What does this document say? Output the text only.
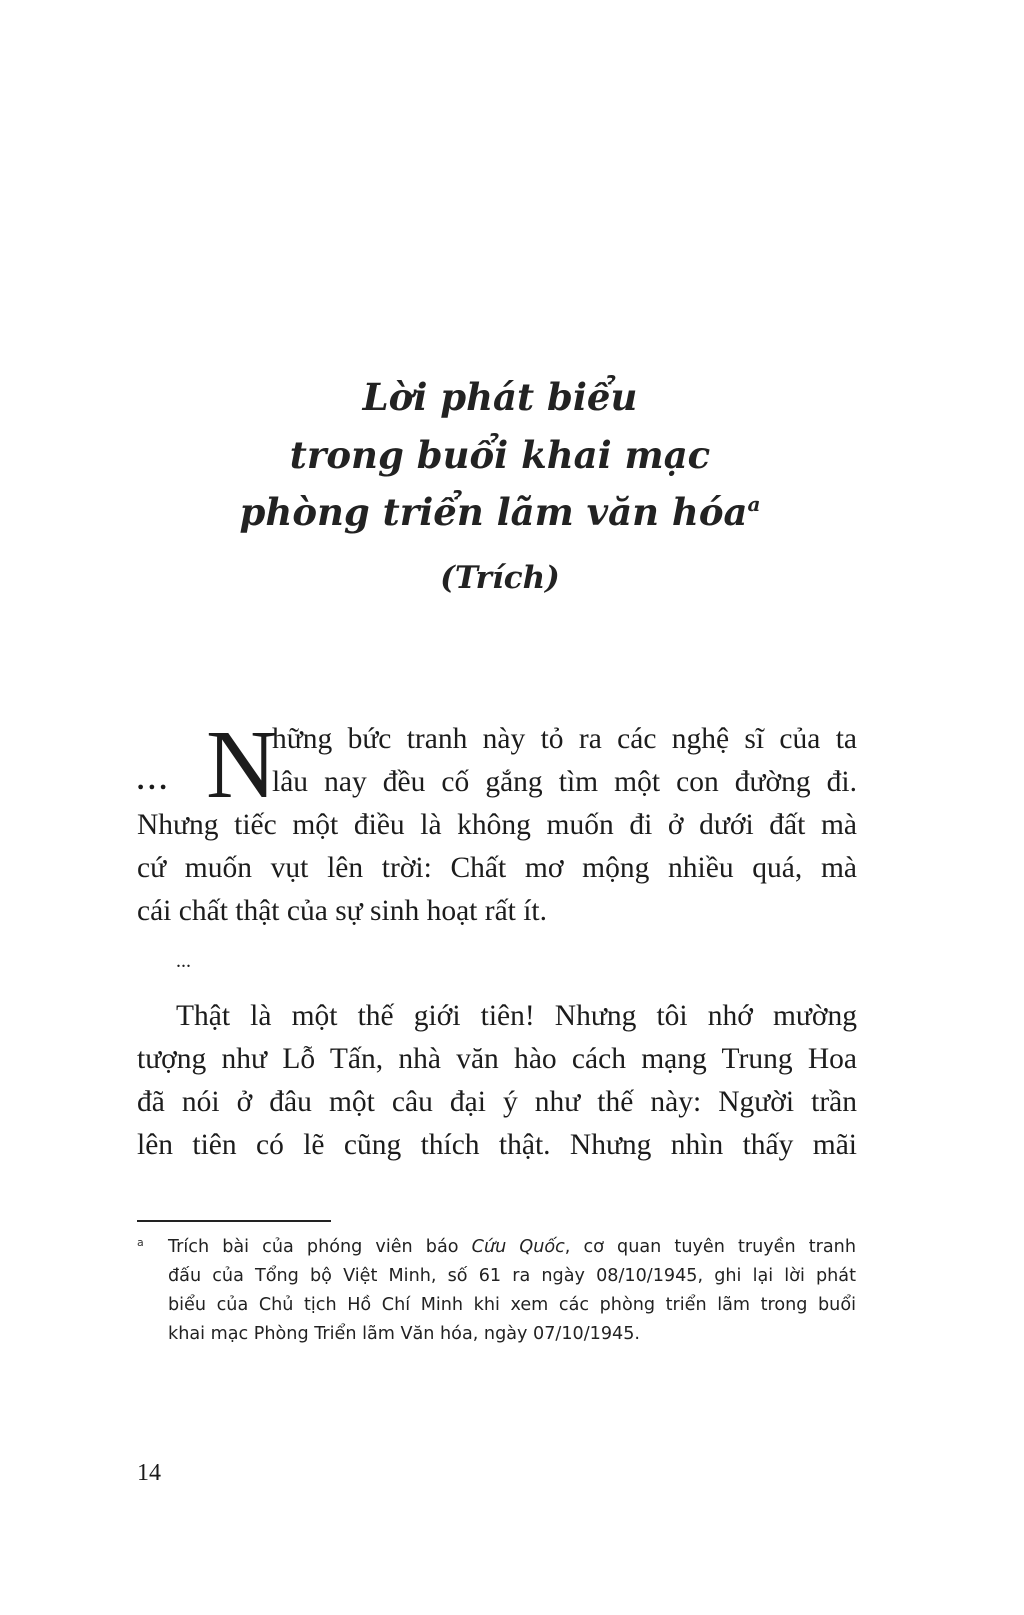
Lời phát biểu
trong buổi khai mạc
phòng triển lãm văn hóa$^a$
(Trích)
... N
hững bức tranh này tỏ ra các nghệ sĩ của ta
lâu nay đều cố gắng tìm một con đường đi.
Nhưng tiếc một điều là không muốn đi ở dưới đất mà
cứ muốn vụt lên trời: Chất mơ mộng nhiều quá, mà
cái chất thật của sự sinh hoạt rất ít.
...
Thật là một thế giới tiên! Nhưng tôi nhớ mường
tượng như Lỗ Tấn, nhà văn hào cách mạng Trung Hoa
đã nói ở đâu một câu đại ý như thế này: Người trần
lên tiên có lẽ cũng thích thật. Nhưng nhìn thấy mãi
a Trích bài của phóng viên báo Cứu Quốc, cơ quan tuyên truyền tranh
đấu của Tổng bộ Việt Minh, số 61 ra ngày 08/10/1945, ghi lại lời phát
biểu của Chủ tịch Hồ Chí Minh khi xem các phòng triển lãm trong buổi
khai mạc Phòng Triển lãm Văn hóa, ngày 07/10/1945.
14
